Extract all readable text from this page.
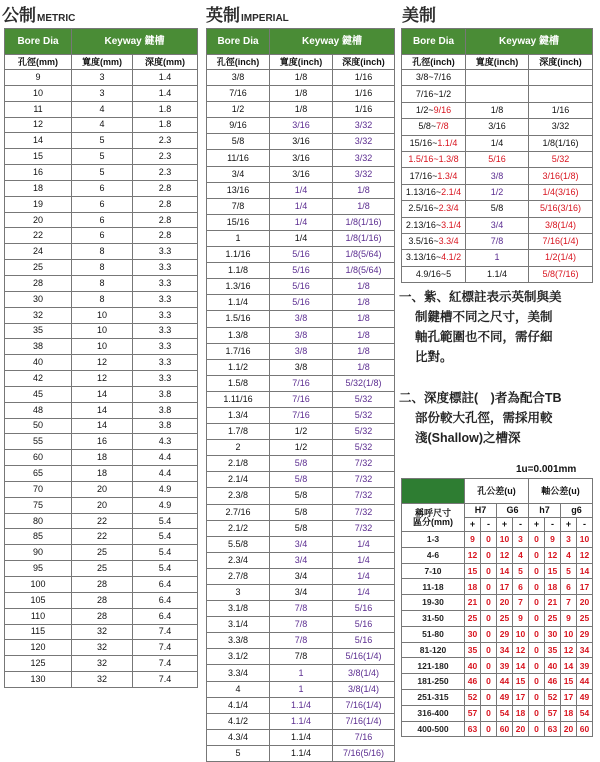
公制METRIC	英制IMPERIAL	美制
Bore Dia	Keyway 鍵槽	
孔徑(mm)	寬度(mm)	深度(mm)
9	3	1.4
10	3	1.4
11	4	1.8
12	4	1.8
14	5	2.3
15	5	2.3
16	5	2.3
18	6	2.8
19	6	2.8
20	6	2.8
22	6	2.8
24	8	3.3
25	8	3.3
28	8	3.3
30	8	3.3
32	10	3.3
35	10	3.3
38	10	3.3
40	12	3.3
42	12	3.3
45	14	3.8
48	14	3.8
50	14	3.8
55	16	4.3
60	18	4.4
65	18	4.4
70	20	4.9
75	20	4.9
80	22	5.4
85	22	5.4
90	25	5.4
95	25	5.4
100	28	6.4
105	28	6.4
110	28	6.4
115	32	7.4
120	32	7.4
125	32	7.4
130	32	7.4
Bore Dia	Keyway 鍵槽	
孔徑(inch)	寬度(inch)	深度(inch)
3/8	1/8	1/16
7/16	1/8	1/16
1/2	1/8	1/16
9/16	3/16	3/32
5/8	3/16	3/32
11/16	3/16	3/32
3/4	3/16	3/32
13/16	1/4	1/8
7/8	1/4	1/8
15/16	1/4	1/8(1/16)
1	1/4	1/8(1/16)
1.1/16	5/16	1/8(5/64)
1.1/8	5/16	1/8(5/64)
1.3/16	5/16	1/8
1.1/4	5/16	1/8
1.5/16	3/8	1/8
1.3/8	3/8	1/8
1.7/16	3/8	1/8
1.1/2	3/8	1/8
1.5/8	7/16	5/32(1/8)
1.11/16	7/16	5/32
1.3/4	7/16	5/32
1.7/8	1/2	5/32
2	1/2	5/32
2.1/8	5/8	7/32
2.1/4	5/8	7/32
2.3/8	5/8	7/32
2.7/16	5/8	7/32
2.1/2	5/8	7/32
5.5/8	3/4	1/4
2.3/4	3/4	1/4
2.7/8	3/4	1/4
3	3/4	1/4
3.1/8	7/8	5/16
3.1/4	7/8	5/16
3.3/8	7/8	5/16
3.1/2	7/8	5/16(1/4)
3.3/4	1	3/8(1/4)
4	1	3/8(1/4)
4.1/4	1.1/4	7/16(1/4)
4.1/2	1.1/4	7/16(1/4)
4.3/4	1.1/4	7/16
5	1.1/4	7/16(5/16)
Bore Dia	Keyway 鍵槽	
孔徑(inch)	寬度(inch)	深度(inch)
3/8~7/16		
7/16~1/2		
1/2~9/16	1/8	1/16
5/8~7/8	3/16	3/32
15/16~1.1/4	1/4	1/8(1/16)
1.5/16~1.3/8	5/16	5/32
17/16~1.3/4	3/8	3/16(1/8)
1.13/16~2.1/4	1/2	1/4(3/16)
2.5/16~2.3/4	5/8	5/16(3/16)
2.13/16~3.1/4	3/4	3/8(1/4)
3.5/16~3.3/4	7/8	7/16(1/4)
3.13/16~4.1/2	1	1/2(1/4)
4.9/16~5	1.1/4	5/8(7/16)
一、紫、紅標註表示英制與美
制鍵槽不同之尺寸，美制
軸孔範圍也不同，需仔細
比對。
二、深度標註(　)者為配合TB
部份較大孔徑，需採用較
淺(Shallow)之槽深
1u=0.001mm
	孔公差(u)				軸公差(u)			
稱呼尺寸
區分(mm)	H7		G6		h7		g6	
	+	-	+	-	+	-	+	-
1-3	9	0	10	3	0	9	3	10
4-6	12	0	12	4	0	12	4	12
7-10	15	0	14	5	0	15	5	14
11-18	18	0	17	6	0	18	6	17
19-30	21	0	20	7	0	21	7	20
31-50	25	0	25	9	0	25	9	25
51-80	30	0	29	10	0	30	10	29
81-120	35	0	34	12	0	35	12	34
121-180	40	0	39	14	0	40	14	39
181-250	46	0	44	15	0	46	15	44
251-315	52	0	49	17	0	52	17	49
316-400	57	0	54	18	0	57	18	54
400-500	63	0	60	20	0	63	20	60
